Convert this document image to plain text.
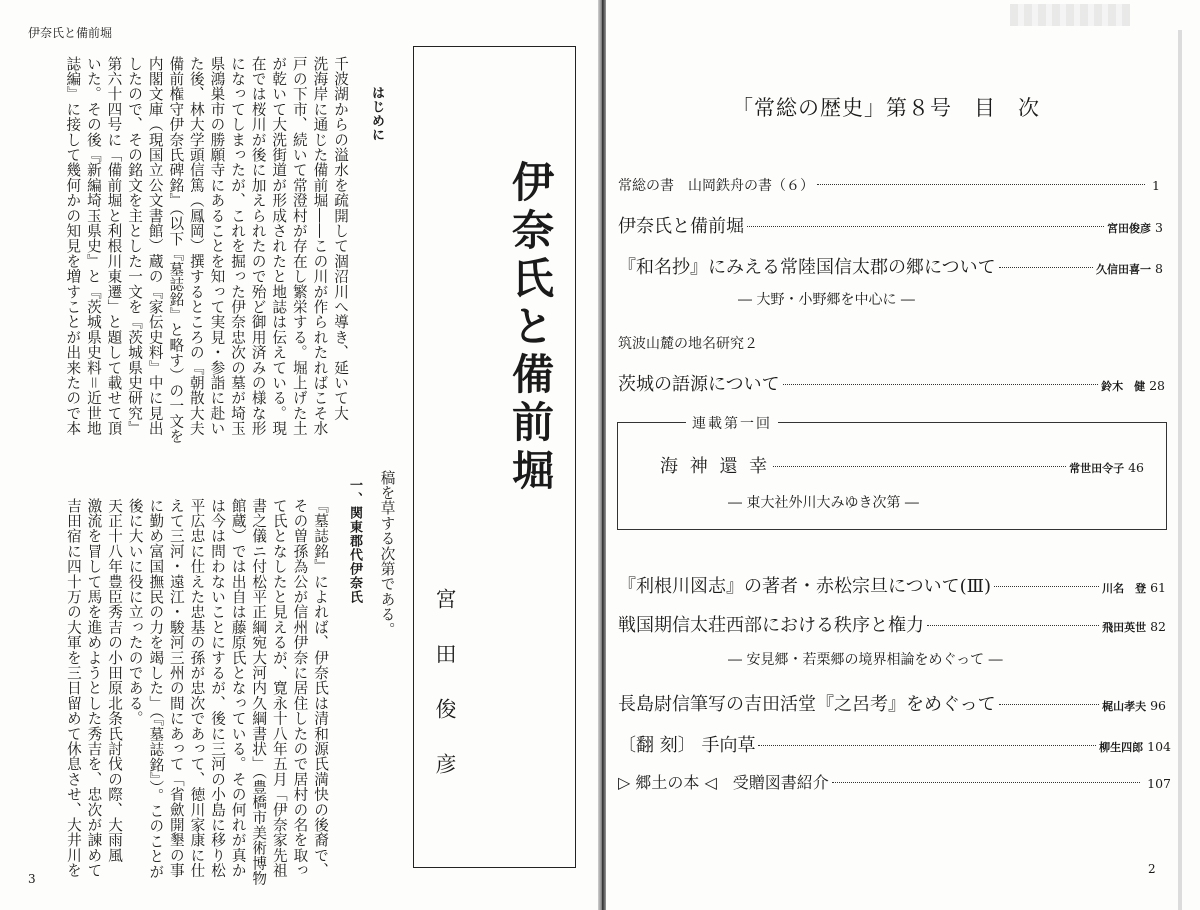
伊奈氏と備前堀
3
はじめに
千波湖からの溢水を疏開して涸沼川へ導き、延いて大
洗海岸に通じた備前堀――この川が作られたればこそ水
戸の下市、続いて常澄村が存在し繁栄する。堀上げた土
が乾いて大洗街道が形成されたと地誌は伝えている。現
在では桜川が後に加えられたので殆ど御用済みの様な形
になってしまったが、これを掘った伊奈忠次の墓が埼玉
県鴻巣市の勝願寺にあることを知って実見・参詣に赴い
た後、林大学頭信篤（鳳岡）撰するところの『朝散大夫
備前権守伊奈氏碑銘』（以下『墓誌銘』と略す）の一文を
内閣文庫（現国立公文書館）蔵の『家伝史料』中に見出
したので、その銘文を主とした一文を『茨城県史研究』
第六十四号に「備前堀と利根川東遷」と題して載せて頂
いた。その後『新編埼玉県史』と『茨城県史料＝近世地
誌編』に接して幾何かの知見を増すことが出来たので本
稿を草する次第である。
一、関東郡代伊奈氏
『墓誌銘』によれば、伊奈氏は清和源氏満快の後裔で、
その曽孫為公が信州伊奈に居住したので居村の名を取っ
て氏となしたと見えるが、寛永十八年五月「伊奈家先祖
書之儀ニ付松平正綱宛大河内久綱書状」（豊橋市美術博物
館蔵）では出自は藤原氏となっている。その何れが真か
は今は問わないことにするが、後に三河の小島に移り松
平広忠に仕えた忠基の孫が忠次であって、徳川家康に仕
えて三河・遠江・駿河三州の間にあって「省歛開墾の事
に勤め富国撫民の力を竭した」（『墓誌銘』）。このことが
後に大いに役に立ったのである。
天正十八年豊臣秀吉の小田原北条氏討伐の際、大雨風
激流を冒して馬を進めようとした秀吉を、忠次が諫めて
吉田宿に四十万の大軍を三日留めて休息させ、大井川を
伊奈氏と備前堀
宮田俊彦
「常総の歴史」第８号　目　次
常総の書　山岡鉄舟の書（６）	1
伊奈氏と備前堀	宮田俊彦 3
『和名抄』にみえる常陸国信太郡の郷について	久信田喜一 8
― 大野・小野郷を中心に ―
筑波山麓の地名研究２
茨城の語源について	鈴木　健 28
連載第一回
海 神 還 幸	常世田令子 46
― 東大社外川大みゆき次第 ―
『利根川図志』の著者・赤松宗旦について(Ⅲ)	川名　登 61
戦国期信太荘西部における秩序と権力	飛田英世 82
― 安見郷・若栗郷の境界相論をめぐって ―
長島尉信筆写の吉田活堂『之呂考』をめぐって	梶山孝夫 96
〔翻 刻〕 手向草	柳生四郎 104
▷ 郷土の本 ◁　受贈図書紹介	107
2
